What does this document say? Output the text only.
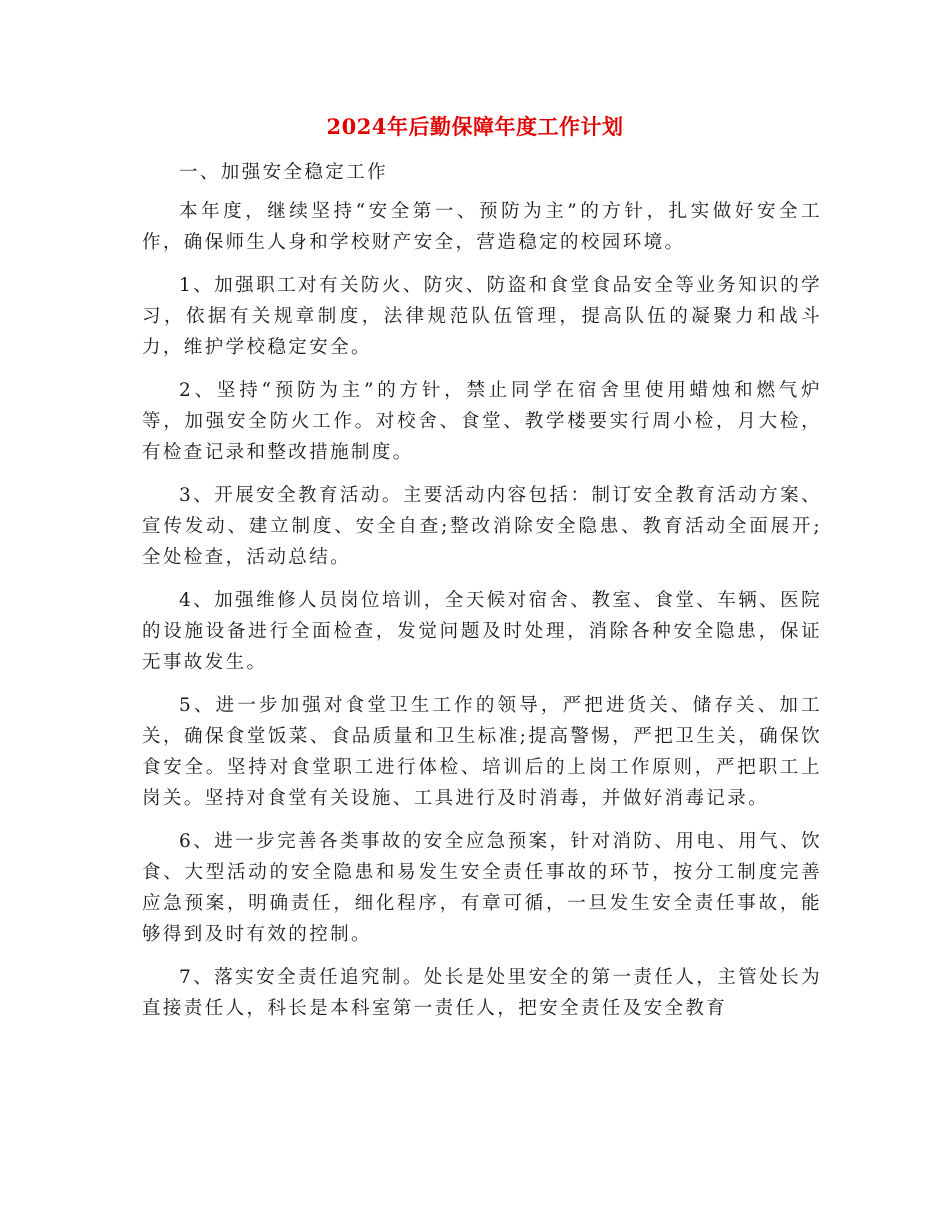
2024年后勤保障年度工作计划

一、加强安全稳定工作

本年度，继续坚持“安全第一、预防为主”的方针，扎实做好安全工作，确保师生人身和学校财产安全，营造稳定的校园环境。

1、加强职工对有关防火、防灾、防盗和食堂食品安全等业务知识的学习，依据有关规章制度，法律规范队伍管理，提高队伍的凝聚力和战斗力，维护学校稳定安全。

2、坚持“预防为主”的方针，禁止同学在宿舍里使用蜡烛和燃气炉等，加强安全防火工作。对校舍、食堂、教学楼要实行周小检，月大检，有检查记录和整改措施制度。

3、开展安全教育活动。主要活动内容包括：制订安全教育活动方案、宣传发动、建立制度、安全自查;整改消除安全隐患、教育活动全面展开;全处检查，活动总结。

4、加强维修人员岗位培训，全天候对宿舍、教室、食堂、车辆、医院的设施设备进行全面检查，发觉问题及时处理，消除各种安全隐患，保证无事故发生。

5、进一步加强对食堂卫生工作的领导，严把进货关、储存关、加工关，确保食堂饭菜、食品质量和卫生标准;提高警惕，严把卫生关，确保饮食安全。坚持对食堂职工进行体检、培训后的上岗工作原则，严把职工上岗关。坚持对食堂有关设施、工具进行及时消毒，并做好消毒记录。

6、进一步完善各类事故的安全应急预案，针对消防、用电、用气、饮食、大型活动的安全隐患和易发生安全责任事故的环节，按分工制度完善应急预案，明确责任，细化程序，有章可循，一旦发生安全责任事故，能够得到及时有效的控制。

7、落实安全责任追究制。处长是处里安全的第一责任人，主管处长为直接责任人，科长是本科室第一责任人，把安全责任及安全教育
